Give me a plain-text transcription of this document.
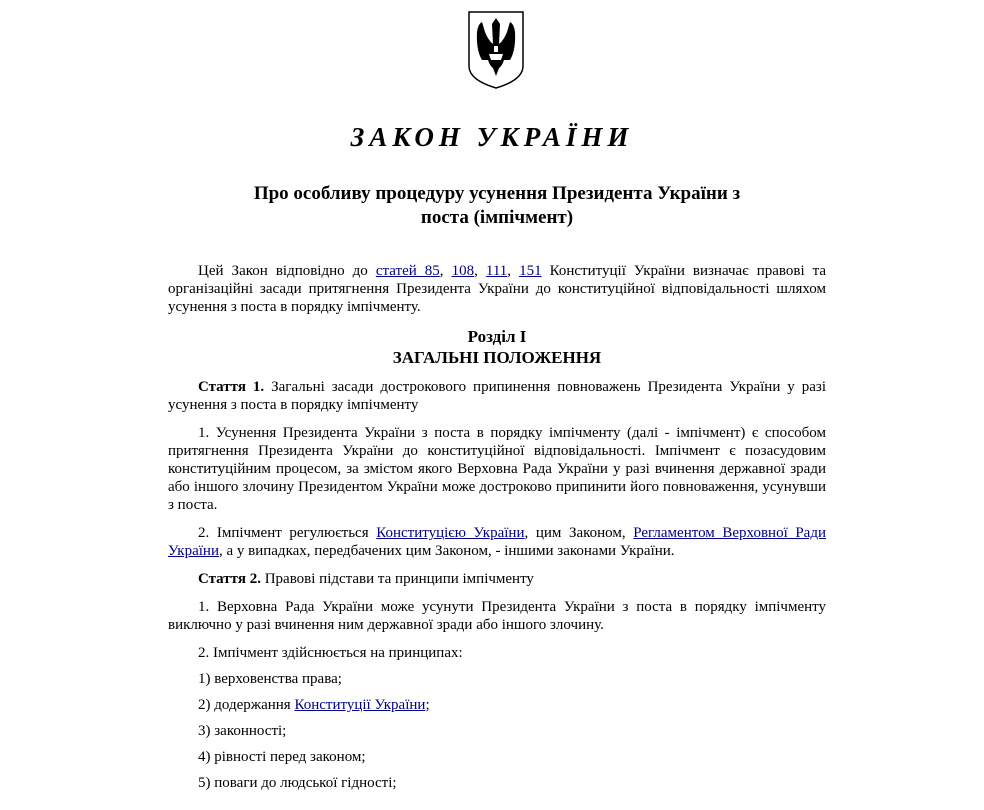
ЗАКОН УКРАЇНИ
Про особливу процедуру усунення Президента України з
поста (імпічмент)

Цей Закон відповідно до статей 85, 108, 111, 151 Конституції України визначає правові та організаційні засади притягнення Президента України до конституційної відповідальності шляхом усунення з поста в порядку імпічменту.

Розділ I
ЗАГАЛЬНІ ПОЛОЖЕННЯ

Стаття 1. Загальні засади дострокового припинення повноважень Президента України у разі усунення з поста в порядку імпічменту

1. Усунення Президента України з поста в порядку імпічменту (далі - імпічмент) є способом притягнення Президента України до конституційної відповідальності. Імпічмент є позасудовим конституційним процесом, за змістом якого Верховна Рада України у разі вчинення державної зради або іншого злочину Президентом України може достроково припинити його повноваження, усунувши з поста.

2. Імпічмент регулюється Конституцією України, цим Законом, Регламентом Верховної Ради України, а у випадках, передбачених цим Законом, - іншими законами України.

Стаття 2. Правові підстави та принципи імпічменту

1. Верховна Рада України може усунути Президента України з поста в порядку імпічменту виключно у разі вчинення ним державної зради або іншого злочину.

2. Імпічмент здійснюється на принципах:

1) верховенства права;

2) додержання Конституції України;

3) законності;

4) рівності перед законом;

5) поваги до людської гідності;
